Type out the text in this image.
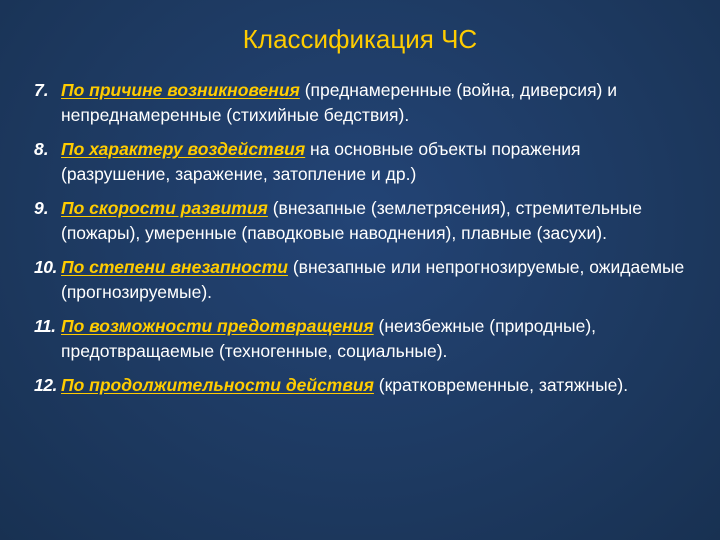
Классификация ЧС
7. По причине возникновения (преднамеренные (война, диверсия) и непреднамеренные (стихийные бедствия).
8. По характеру воздействия на основные объекты поражения (разрушение, заражение, затопление и др.)
9. По скорости развития (внезапные (землетрясения), стремительные (пожары), умеренные (паводковые наводнения), плавные (засухи).
10. По степени внезапности (внезапные или непрогнозируемые, ожидаемые (прогнозируемые).
11. По возможности предотвращения (неизбежные (природные), предотвращаемые (техногенные, социальные).
12. По продолжительности действия (кратковременные, затяжные).
